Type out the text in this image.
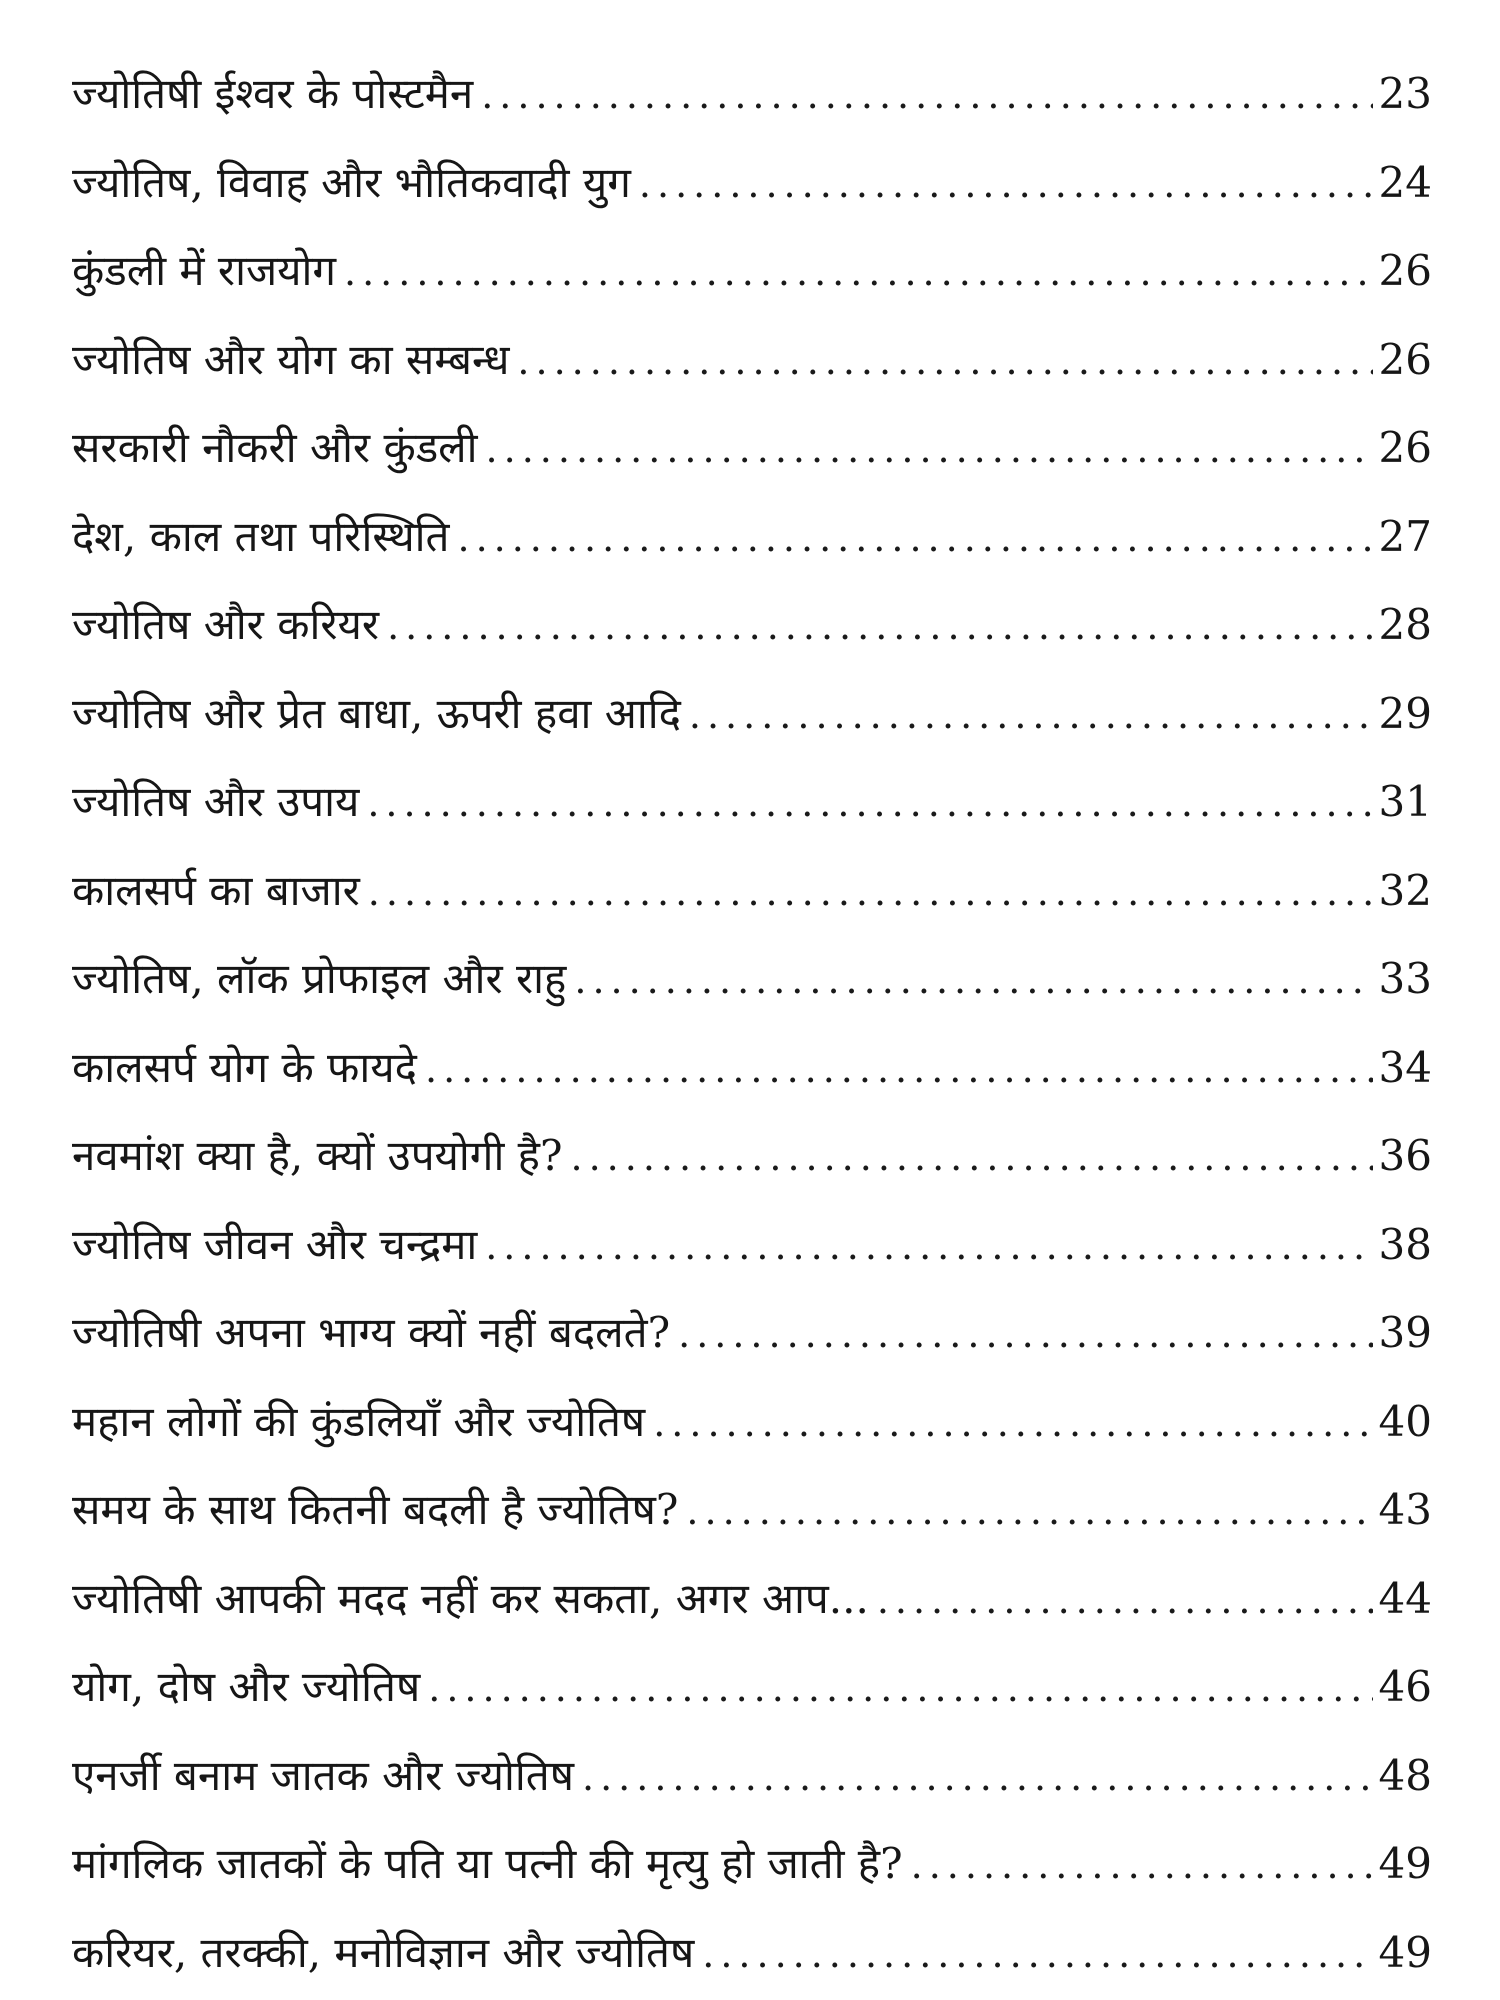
ज्योतिषी ईश्वर के पोस्टमैन .....	23
ज्योतिष, विवाह और भौतिकवादी युग .....	24
कुंडली में राजयोग .....	26
ज्योतिष और योग का सम्बन्ध .....	26
सरकारी नौकरी और कुंडली .....	26
देश, काल तथा परिस्थिति .....	27
ज्योतिष और करियर .....	28
ज्योतिष और प्रेत बाधा, ऊपरी हवा आदि .....	29
ज्योतिष और उपाय .....	31
कालसर्प का बाजार .....	32
ज्योतिष, लॉक प्रोफाइल और राहु .....	33
कालसर्प योग के फायदे .....	34
नवमांश क्या है, क्यों उपयोगी है? .....	36
ज्योतिष जीवन और चन्द्रमा .....	38
ज्योतिषी अपना भाग्य क्यों नहीं बदलते? .....	39
महान लोगों की कुंडलियाँ और ज्योतिष .....	40
समय के साथ कितनी बदली है ज्योतिष? .....	43
ज्योतिषी आपकी मदद नहीं कर सकता, अगर आप... .....	44
योग, दोष और ज्योतिष .....	46
एनर्जी बनाम जातक और ज्योतिष .....	48
मांगलिक जातकों के पति या पत्नी की मृत्यु हो जाती है? .....	49
करियर, तरक्की, मनोविज्ञान और ज्योतिष .....	49
